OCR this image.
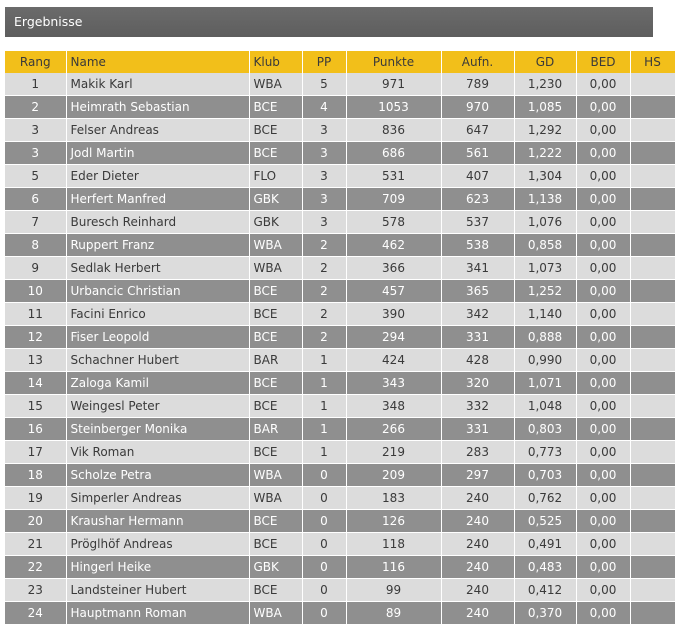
Ergebnisse
Rang	Name	Klub	PP	Punkte	Aufn.	GD	BED	HS
1	Makik Karl	WBA	5	971	789	1,230	0,00	
2	Heimrath Sebastian	BCE	4	1053	970	1,085	0,00	
3	Felser Andreas	BCE	3	836	647	1,292	0,00	
3	Jodl Martin	BCE	3	686	561	1,222	0,00	
5	Eder Dieter	FLO	3	531	407	1,304	0,00	
6	Herfert Manfred	GBK	3	709	623	1,138	0,00	
7	Buresch Reinhard	GBK	3	578	537	1,076	0,00	
8	Ruppert Franz	WBA	2	462	538	0,858	0,00	
9	Sedlak Herbert	WBA	2	366	341	1,073	0,00	
10	Urbancic Christian	BCE	2	457	365	1,252	0,00	
11	Facini Enrico	BCE	2	390	342	1,140	0,00	
12	Fiser Leopold	BCE	2	294	331	0,888	0,00	
13	Schachner Hubert	BAR	1	424	428	0,990	0,00	
14	Zaloga Kamil	BCE	1	343	320	1,071	0,00	
15	Weingesl Peter	BCE	1	348	332	1,048	0,00	
16	Steinberger Monika	BAR	1	266	331	0,803	0,00	
17	Vik Roman	BCE	1	219	283	0,773	0,00	
18	Scholze Petra	WBA	0	209	297	0,703	0,00	
19	Simperler Andreas	WBA	0	183	240	0,762	0,00	
20	Kraushar Hermann	BCE	0	126	240	0,525	0,00	
21	Pröglhöf Andreas	BCE	0	118	240	0,491	0,00	
22	Hingerl Heike	GBK	0	116	240	0,483	0,00	
23	Landsteiner Hubert	BCE	0	99	240	0,412	0,00	
24	Hauptmann Roman	WBA	0	89	240	0,370	0,00	
